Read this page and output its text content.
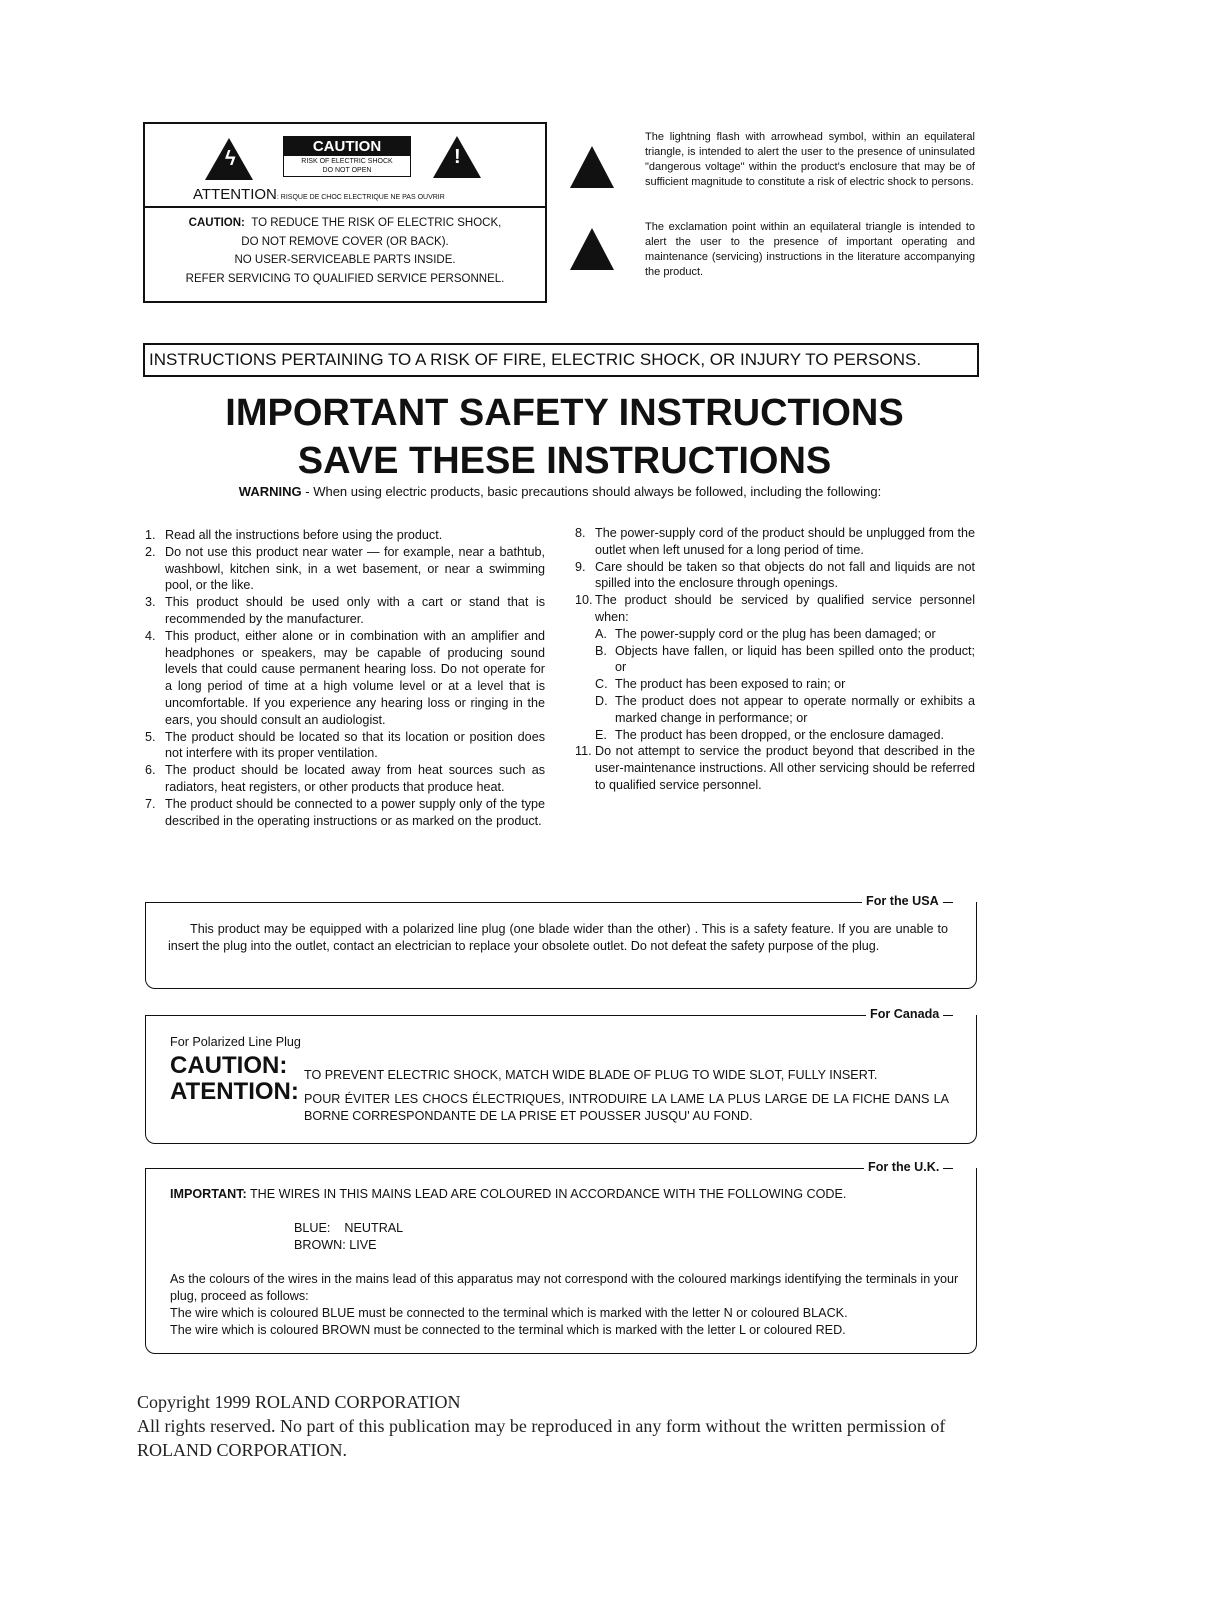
ϟ
CAUTION
RISK OF ELECTRIC SHOCK
DO NOT OPEN
!
ATTENTION: RISQUE DE CHOC ELECTRIQUE NE PAS OUVRIR
CAUTION: TO REDUCE THE RISK OF ELECTRIC SHOCK,
DO NOT REMOVE COVER (OR BACK).
NO USER-SERVICEABLE PARTS INSIDE.
REFER SERVICING TO QUALIFIED SERVICE PERSONNEL.
The lightning flash with arrowhead symbol, within an equilateral triangle, is intended to alert the user to the presence of uninsulated "dangerous voltage" within the product's enclosure that may be of sufficient magnitude to constitute a risk of electric shock to persons.
The exclamation point within an equilateral triangle is intended to alert the user to the presence of important operating and maintenance (servicing) instructions in the literature accompanying the product.
INSTRUCTIONS PERTAINING TO A RISK OF FIRE, ELECTRIC SHOCK, OR INJURY TO PERSONS.
IMPORTANT SAFETY INSTRUCTIONS
SAVE THESE INSTRUCTIONS
WARNING - When using electric products, basic precautions should always be followed, including the following:
1. Read all the instructions before using the product.
2. Do not use this product near water — for example, near a bathtub, washbowl, kitchen sink, in a wet basement, or near a swimming pool, or the like.
3. This product should be used only with a cart or stand that is recommended by the manufacturer.
4. This product, either alone or in combination with an amplifier and headphones or speakers, may be capable of producing sound levels that could cause permanent hearing loss. Do not operate for a long period of time at a high volume level or at a level that is uncomfortable. If you experience any hearing loss or ringing in the ears, you should consult an audiologist.
5. The product should be located so that its location or position does not interfere with its proper ventilation.
6. The product should be located away from heat sources such as radiators, heat registers, or other products that produce heat.
7. The product should be connected to a power supply only of the type described in the operating instructions or as marked on the product.
8. The power-supply cord of the product should be unplugged from the outlet when left unused for a long period of time.
9. Care should be taken so that objects do not fall and liquids are not spilled into the enclosure through openings.
10. The product should be serviced by qualified service personnel when:
A. The power-supply cord or the plug has been damaged; or
B. Objects have fallen, or liquid has been spilled onto the product; or
C. The product has been exposed to rain; or
D. The product does not appear to operate normally or exhibits a marked change in performance; or
E. The product has been dropped, or the enclosure damaged.
11. Do not attempt to service the product beyond that described in the user-maintenance instructions. All other servicing should be referred to qualified service personnel.
For the USA
This product may be equipped with a polarized line plug (one blade wider than the other) . This is a safety feature. If you are unable to insert the plug into the outlet, contact an electrician to replace your obsolete outlet. Do not defeat the safety purpose of the plug.
For Canada
For Polarized Line Plug
CAUTION: TO PREVENT ELECTRIC SHOCK, MATCH WIDE BLADE OF PLUG TO WIDE SLOT, FULLY INSERT.
ATENTION: POUR ÉVITER LES CHOCS ÉLECTRIQUES, INTRODUIRE LA LAME LA PLUS LARGE DE LA FICHE DANS LA BORNE CORRESPONDANTE DE LA PRISE ET POUSSER JUSQU' AU FOND.
For the U.K.
IMPORTANT: THE WIRES IN THIS MAINS LEAD ARE COLOURED IN ACCORDANCE WITH THE FOLLOWING CODE.
BLUE: NEUTRAL
BROWN: LIVE
As the colours of the wires in the mains lead of this apparatus may not correspond with the coloured markings identifying the terminals in your plug, proceed as follows:
The wire which is coloured BLUE must be connected to the terminal which is marked with the letter N or coloured BLACK.
The wire which is coloured BROWN must be connected to the terminal which is marked with the letter L or coloured RED.
Copyright 1999 ROLAND CORPORATION
All rights reserved. No part of this publication may be reproduced in any form without the written permission of ROLAND CORPORATION.
